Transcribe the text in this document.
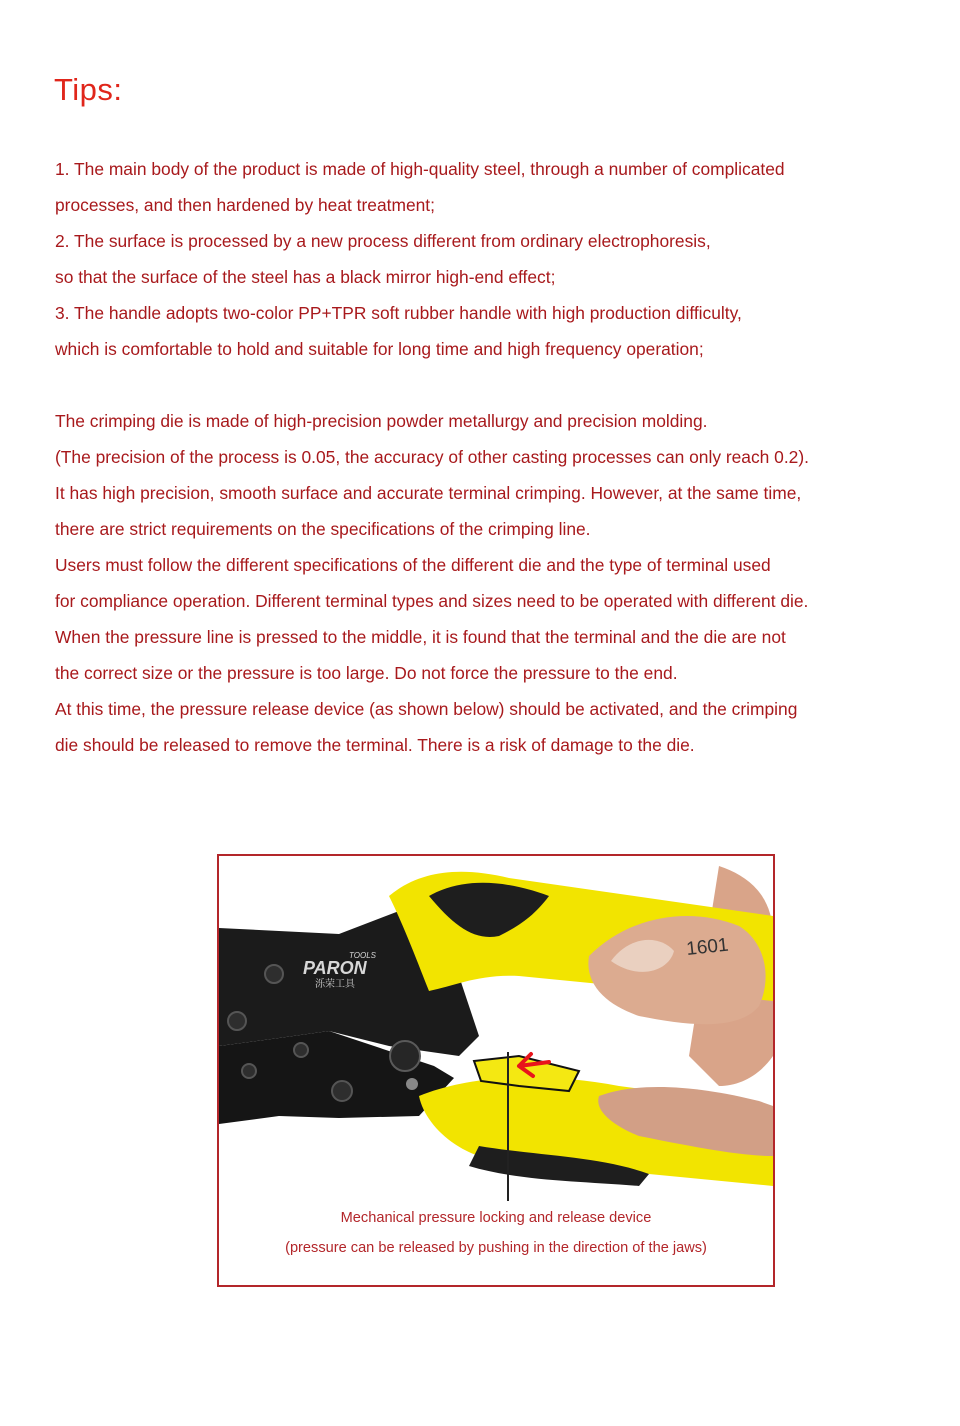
Tips:
1. The main body of the product is made of high-quality steel, through a number of complicated
processes, and then hardened by heat treatment;
2. The surface is processed by a new process different from ordinary electrophoresis,
so that the surface of the steel has a black mirror high-end effect;
3. The handle adopts two-color PP+TPR soft rubber handle with high production difficulty,
which is comfortable to hold and suitable for long time and high frequency operation;
The crimping die is made of high-precision powder metallurgy and precision molding.
(The precision of the process is 0.05, the accuracy of other casting processes can only reach 0.2).
It has high precision, smooth surface and accurate terminal crimping. However, at the same time,
there are strict requirements on the specifications of the crimping line.
Users must follow the different specifications of the different die and the type of terminal used
for compliance operation. Different terminal types and sizes need to be operated with different die.
When the pressure line is pressed to the middle, it is found that the terminal and the die are not
the correct size or the pressure is too large. Do not force the pressure to the end.
At this time, the pressure release device (as shown below) should be activated, and the crimping
die should be released to remove the terminal. There is a risk of damage to the die.
PARON
TOOLS
泺荣工具
1601
Mechanical pressure locking and release device
(pressure can be released by pushing in the direction of the jaws)
